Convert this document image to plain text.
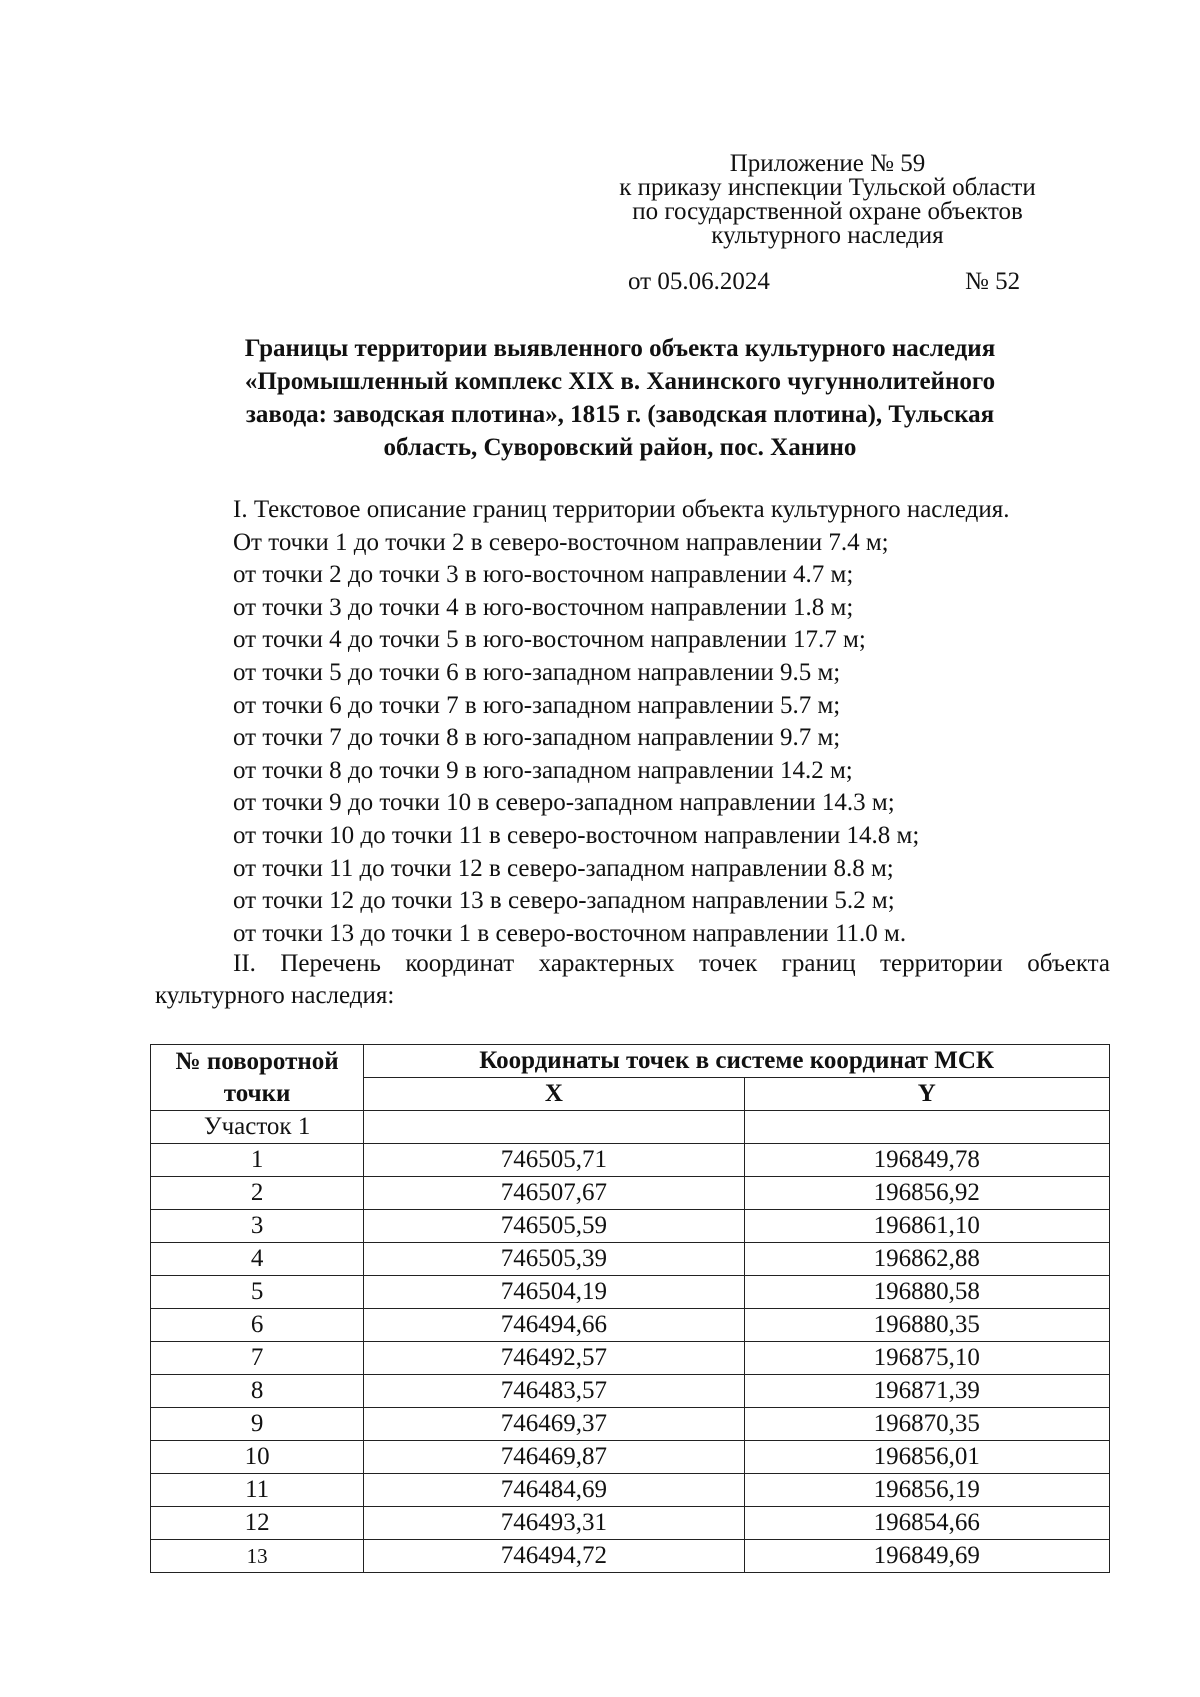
Приложение № 59
к приказу инспекции Тульской области
по государственной охране объектов
культурного наследия
от 05.06.2024	№ 52
Границы территории выявленного объекта культурного наследия
«Промышленный комплекс XIX в. Ханинского чугуннолитейного
завода: заводская плотина», 1815 г. (заводская плотина), Тульская
область, Суворовский район, пос. Ханино
I. Текстовое описание границ территории объекта культурного наследия.
От точки 1 до точки 2 в северо-восточном направлении 7.4 м;
от точки 2 до точки 3 в юго-восточном направлении 4.7 м;
от точки 3 до точки 4 в юго-восточном направлении 1.8 м;
от точки 4 до точки 5 в юго-восточном направлении 17.7 м;
от точки 5 до точки 6 в юго-западном направлении 9.5 м;
от точки 6 до точки 7 в юго-западном направлении 5.7 м;
от точки 7 до точки 8 в юго-западном направлении 9.7 м;
от точки 8 до точки 9 в юго-западном направлении 14.2 м;
от точки 9 до точки 10 в северо-западном направлении 14.3 м;
от точки 10 до точки 11 в северо-восточном направлении 14.8 м;
от точки 11 до точки 12 в северо-западном направлении 8.8 м;
от точки 12 до точки 13 в северо-западном направлении 5.2 м;
от точки 13 до точки 1 в северо-восточном направлении 11.0 м.
II. Перечень координат характерных точек границ территории объекта
культурного наследия:
№ поворотной точки	Координаты точек в системе координат МСК	
	X	Y
Участок 1		
1	746505,71	196849,78
2	746507,67	196856,92
3	746505,59	196861,10
4	746505,39	196862,88
5	746504,19	196880,58
6	746494,66	196880,35
7	746492,57	196875,10
8	746483,57	196871,39
9	746469,37	196870,35
10	746469,87	196856,01
11	746484,69	196856,19
12	746493,31	196854,66
13	746494,72	196849,69
